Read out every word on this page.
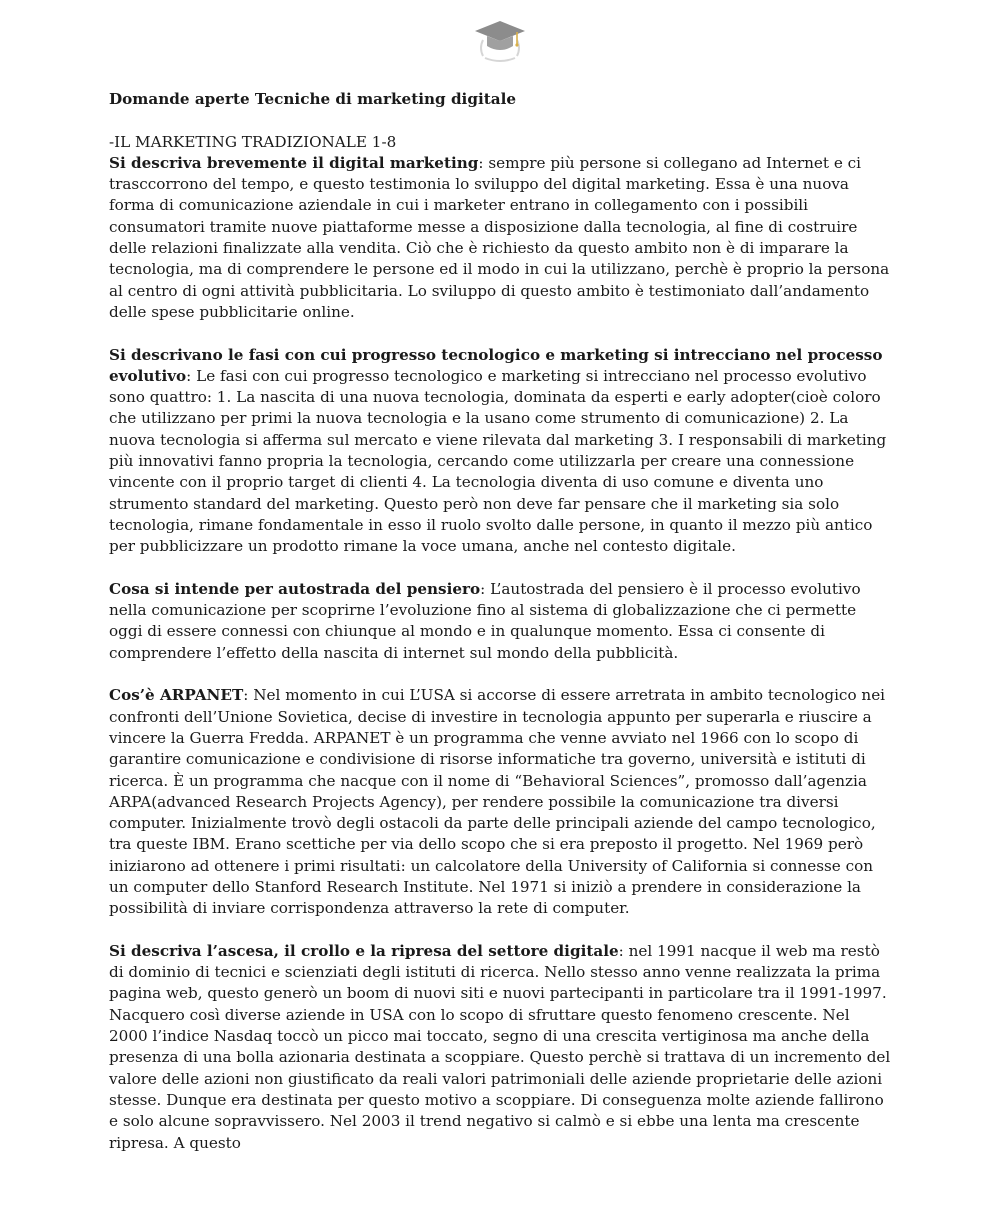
Domande aperte Tecniche di marketing digitale

-IL MARKETING TRADIZIONALE 1-8

Si descriva brevemente il digital marketing: sempre più persone si collegano ad Internet e ci trasccorrono del tempo, e questo testimonia lo sviluppo del digital marketing. Essa è una nuova forma di comunicazione aziendale in cui i marketer entrano in collegamento con i possibili consumatori tramite nuove piattaforme messe a disposizione dalla tecnologia, al fine di costruire delle relazioni finalizzate alla vendita. Ciò che è richiesto da questo ambito non è di imparare la tecnologia, ma di comprendere le persone ed il modo in cui la utilizzano, perchè è proprio la persona al centro di ogni attività pubblicitaria. Lo sviluppo di questo ambito è testimoniato dall’andamento delle spese pubblicitarie online.

Si descrivano le fasi con cui progresso tecnologico e marketing si intrecciano nel processo evolutivo: Le fasi con cui progresso tecnologico e marketing si intrecciano nel processo evolutivo sono quattro: 1. La nascita di una nuova tecnologia, dominata da esperti e early adopter(cioè coloro che utilizzano per primi la nuova tecnologia e la usano come strumento di comunicazione) 2. La nuova tecnologia si afferma sul mercato e viene rilevata dal marketing 3. I responsabili di marketing più innovativi fanno propria la tecnologia, cercando come utilizzarla per creare una connessione vincente con il proprio target di clienti 4. La tecnologia diventa di uso comune e diventa uno strumento standard del marketing. Questo però non deve far pensare che il marketing sia solo tecnologia, rimane fondamentale in esso il ruolo svolto dalle persone, in quanto il mezzo più antico per pubblicizzare un prodotto rimane la voce umana, anche nel contesto digitale.

Cosa si intende per autostrada del pensiero: L’autostrada del pensiero è il processo evolutivo nella comunicazione per scoprirne l’evoluzione fino al sistema di globalizzazione che ci permette oggi di essere connessi con chiunque al mondo e in qualunque momento. Essa ci consente di comprendere l’effetto della nascita di internet sul mondo della pubblicità.

Cos’è ARPANET: Nel momento in cui L’USA si accorse di essere arretrata in ambito tecnologico nei confronti dell’Unione Sovietica, decise di investire in tecnologia appunto per superarla e riuscire a vincere la Guerra Fredda. ARPANET è un programma che venne avviato nel 1966 con lo scopo di garantire comunicazione e condivisione di risorse informatiche tra governo, università e istituti di ricerca. È un programma che nacque con il nome di “Behavioral Sciences”, promosso dall’agenzia ARPA(advanced Research Projects Agency), per rendere possibile la comunicazione tra diversi computer. Inizialmente trovò degli ostacoli da parte delle principali aziende del campo tecnologico, tra queste IBM. Erano scettiche per via dello scopo che si era preposto il progetto. Nel 1969 però iniziarono ad ottenere i primi risultati: un calcolatore della University of California si connesse con un computer dello Stanford Research Institute. Nel 1971 si iniziò a prendere in considerazione la possibilità di inviare corrispondenza attraverso la rete di computer.

Si descriva l’ascesa, il crollo e la ripresa del settore digitale: nel 1991 nacque il web ma restò di dominio di tecnici e scienziati degli istituti di ricerca. Nello stesso anno venne realizzata la prima pagina web, questo generò un boom di nuovi siti e nuovi partecipanti in particolare tra il 1991-1997. Nacquero così diverse aziende in USA con lo scopo di sfruttare questo fenomeno crescente. Nel 2000 l’indice Nasdaq toccò un picco mai toccato, segno di una crescita vertiginosa ma anche della presenza di una bolla azionaria destinata a scoppiare. Questo perchè si trattava di un incremento del valore delle azioni non giustificato da reali valori patrimoniali delle aziende proprietarie delle azioni stesse. Dunque era destinata per questo motivo a scoppiare. Di conseguenza molte aziende fallirono e solo alcune sopravvissero. Nel 2003 il trend negativo si calmò e si ebbe una lenta ma crescente ripresa. A questo
